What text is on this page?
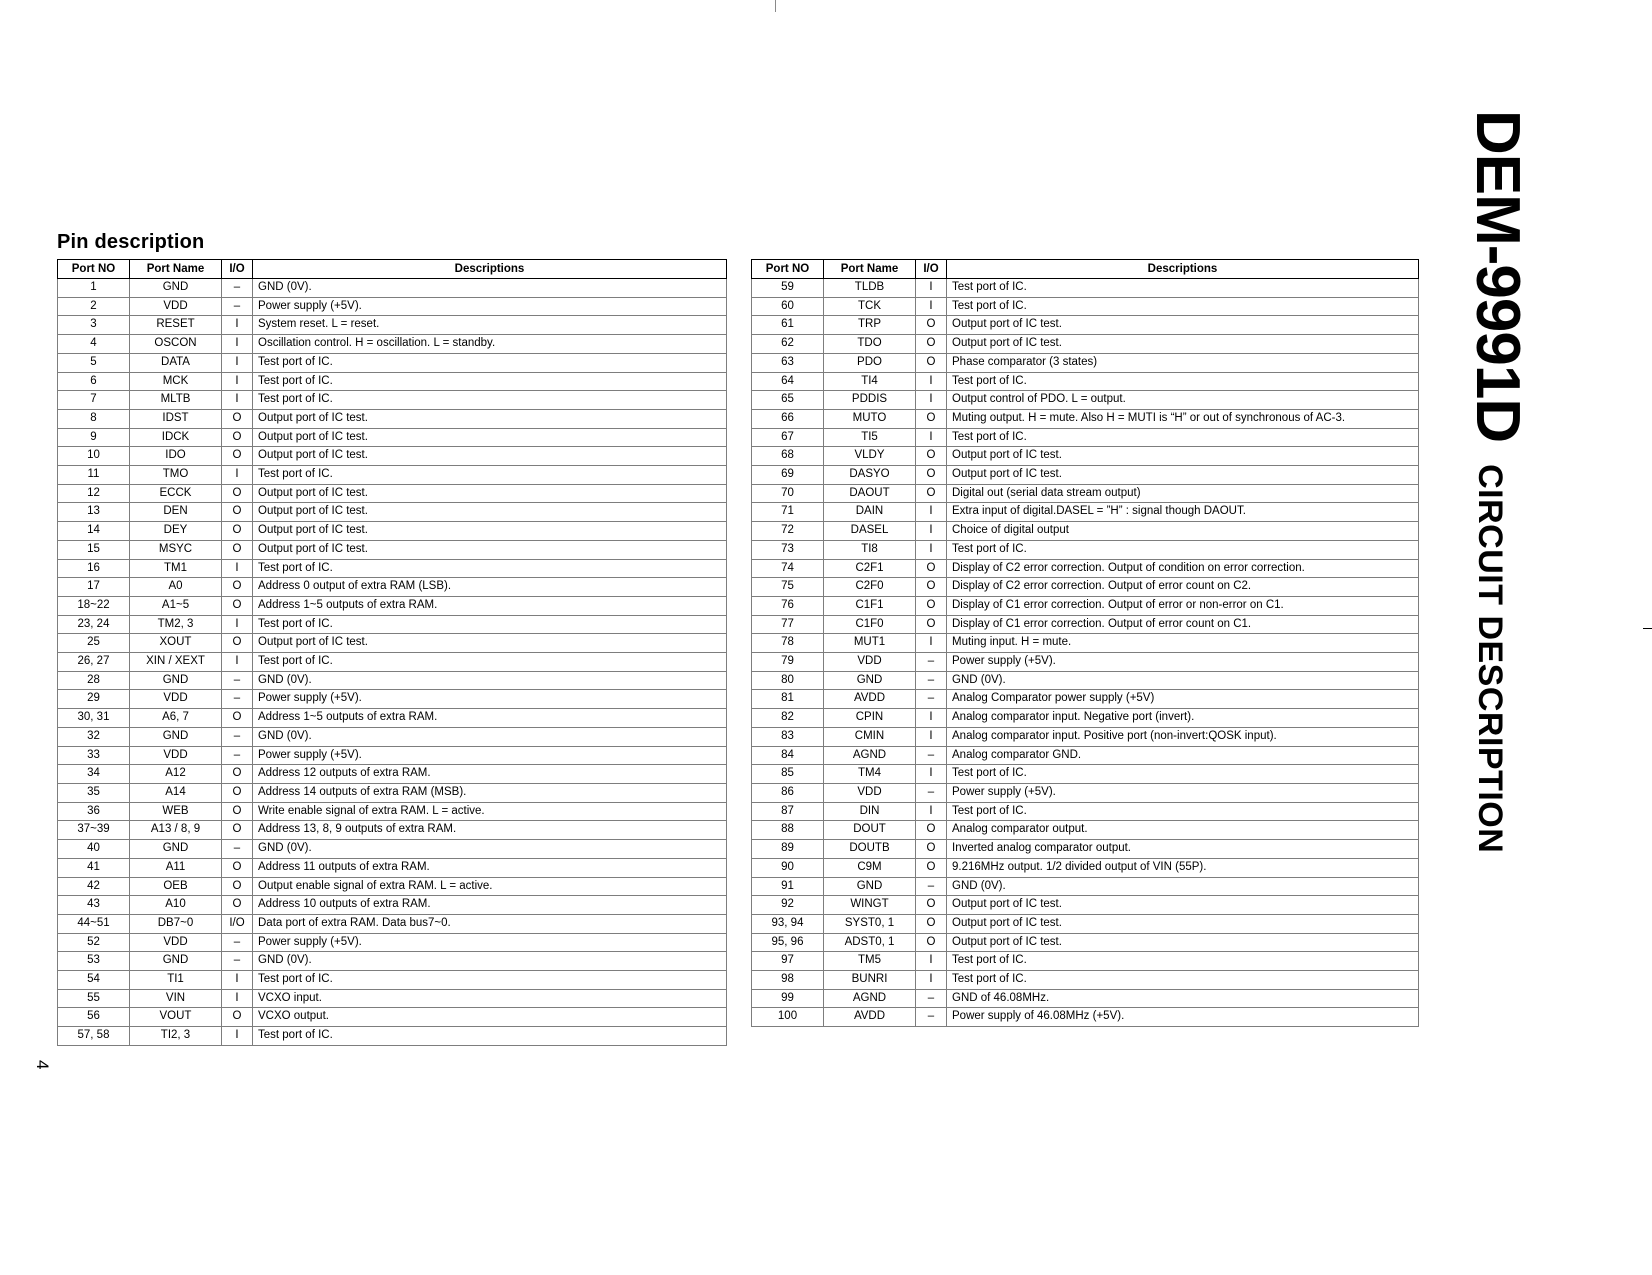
DEM-9991D
CIRCUIT DESCRIPTION
4
Pin description
Port NO	Port Name	I/O	Descriptions
1	GND	–	GND (0V).
2	VDD	–	Power supply (+5V).
3	RESET	I	System reset. L = reset.
4	OSCON	I	Oscillation control. H = oscillation. L = standby.
5	DATA	I	Test port of IC.
6	MCK	I	Test port of IC.
7	MLTB	I	Test port of IC.
8	IDST	O	Output port of IC test.
9	IDCK	O	Output port of IC test.
10	IDO	O	Output port of IC test.
11	TMO	I	Test port of IC.
12	ECCK	O	Output port of IC test.
13	DEN	O	Output port of IC test.
14	DEY	O	Output port of IC test.
15	MSYC	O	Output port of IC test.
16	TM1	I	Test port of IC.
17	A0	O	Address 0 output of extra RAM (LSB).
18~22	A1~5	O	Address 1~5 outputs of extra RAM.
23, 24	TM2, 3	I	Test port of IC.
25	XOUT	O	Output port of IC test.
26, 27	XIN / XEXT	I	Test port of IC.
28	GND	–	GND (0V).
29	VDD	–	Power supply (+5V).
30, 31	A6, 7	O	Address 1~5 outputs of extra RAM.
32	GND	–	GND (0V).
33	VDD	–	Power supply (+5V).
34	A12	O	Address 12 outputs of extra RAM.
35	A14	O	Address 14 outputs of extra RAM (MSB).
36	WEB	O	Write enable signal of extra RAM. L = active.
37~39	A13 / 8, 9	O	Address 13, 8, 9 outputs of extra RAM.
40	GND	–	GND (0V).
41	A11	O	Address 11 outputs of extra RAM.
42	OEB	O	Output enable signal of extra RAM. L = active.
43	A10	O	Address 10 outputs of extra RAM.
44~51	DB7~0	I/O	Data port of extra RAM. Data bus7~0.
52	VDD	–	Power supply (+5V).
53	GND	–	GND (0V).
54	TI1	I	Test port of IC.
55	VIN	I	VCXO input.
56	VOUT	O	VCXO output.
57, 58	TI2, 3	I	Test port of IC.
Port NO	Port Name	I/O	Descriptions
59	TLDB	I	Test port of IC.
60	TCK	I	Test port of IC.
61	TRP	O	Output port of IC test.
62	TDO	O	Output port of IC test.
63	PDO	O	Phase comparator (3 states)
64	TI4	I	Test port of IC.
65	PDDIS	I	Output control of PDO. L = output.
66	MUTO	O	Muting output. H = mute. Also H = MUTI is “H” or out of synchronous of AC-3.
67	TI5	I	Test port of IC.
68	VLDY	O	Output port of IC test.
69	DASYO	O	Output port of IC test.
70	DAOUT	O	Digital out (serial data stream output)
71	DAIN	I	Extra input of digital.DASEL = ”H” : signal though DAOUT.
72	DASEL	I	Choice of digital output
73	TI8	I	Test port of IC.
74	C2F1	O	Display of C2 error correction. Output of condition on error correction.
75	C2F0	O	Display of C2 error correction. Output of error count on C2.
76	C1F1	O	Display of C1 error correction. Output of error or non-error on C1.
77	C1F0	O	Display of C1 error correction. Output of error count on C1.
78	MUT1	I	Muting input. H = mute.
79	VDD	–	Power supply (+5V).
80	GND	–	GND (0V).
81	AVDD	–	Analog Comparator power supply (+5V)
82	CPIN	I	Analog comparator input. Negative port (invert).
83	CMIN	I	Analog comparator input. Positive port (non-invert:QOSK input).
84	AGND	–	Analog comparator GND.
85	TM4	I	Test port of IC.
86	VDD	–	Power supply (+5V).
87	DIN	I	Test port of IC.
88	DOUT	O	Analog comparator output.
89	DOUTB	O	Inverted analog comparator output.
90	C9M	O	9.216MHz output. 1/2 divided output of VIN (55P).
91	GND	–	GND (0V).
92	WINGT	O	Output port of IC test.
93, 94	SYST0, 1	O	Output port of IC test.
95, 96	ADST0, 1	O	Output port of IC test.
97	TM5	I	Test port of IC.
98	BUNRI	I	Test port of IC.
99	AGND	–	GND of 46.08MHz.
100	AVDD	–	Power supply of 46.08MHz (+5V).
